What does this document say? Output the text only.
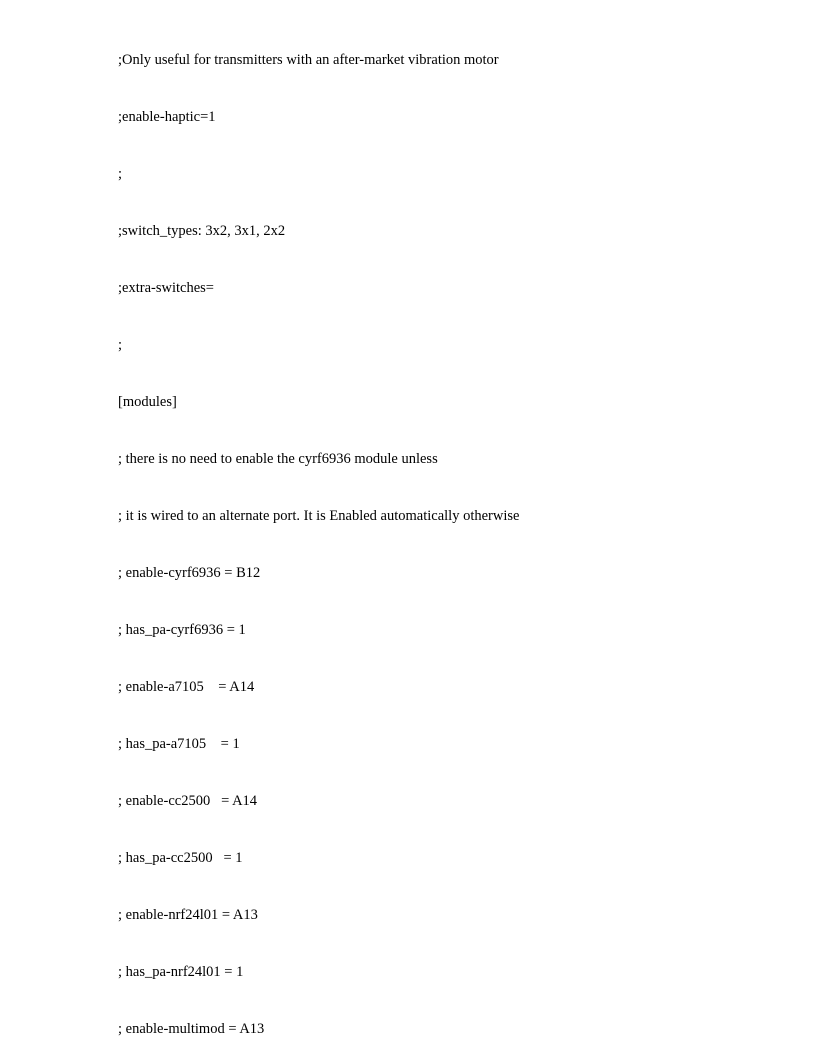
;Only useful for transmitters with an after-market vibration motor

;enable-haptic=1

;

;switch_types: 3x2, 3x1, 2x2

;extra-switches=

;

[modules]

; there is no need to enable the cyrf6936 module unless

; it is wired to an alternate port. It is Enabled automatically otherwise

; enable-cyrf6936 = B12

; has_pa-cyrf6936 = 1

; enable-a7105    = A14

; has_pa-a7105    = 1

; enable-cc2500   = A14

; has_pa-cc2500   = 1

; enable-nrf24l01 = A13

; has_pa-nrf24l01 = 1

; enable-multimod = A13
